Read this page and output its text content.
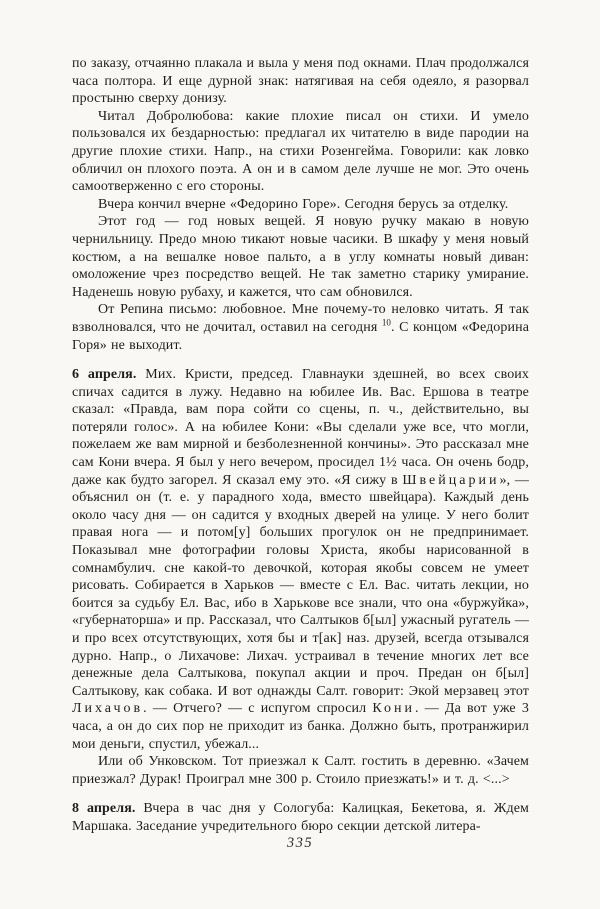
по заказу, отчаянно плакала и выла у меня под окнами. Плач продолжался часа полтора. И еще дурной знак: натягивая на себя одеяло, я разорвал простыню сверху донизу.

Читал Добролюбова: какие плохие писал он стихи. И умело пользовался их бездарностью: предлагал их читателю в виде пародии на другие плохие стихи. Напр., на стихи Розенгейма. Говорили: как ловко обличил он плохого поэта. А он и в самом деле лучше не мог. Это очень самоотверженно с его стороны.

Вчера кончил вчерне «Федорино Горе». Сегодня берусь за отделку.

Этот год — год новых вещей. Я новую ручку макаю в новую чернильницу. Предо мною тикают новые часики. В шкафу у меня новый костюм, а на вешалке новое пальто, а в углу комнаты новый диван: омоложение чрез посредство вещей. Не так заметно старику умирание. Наденешь новую рубаху, и кажется, что сам обновился.

От Репина письмо: любовное. Мне почему-то неловко читать. Я так взволновался, что не дочитал, оставил на сегодня $^{10}$. С концом «Федорина Горя» не выходит.

6 апреля. Мих. Кристи, председ. Главнауки здешней, во всех своих спичах садится в лужу. Недавно на юбилее Ив. Вас. Ершова в театре сказал: «Правда, вам пора сойти со сцены, п. ч., действительно, вы потеряли голос». А на юбилее Кони: «Вы сделали уже все, что могли, пожелаем же вам мирной и безболезненной кончины». Это рассказал мне сам Кони вчера. Я был у него вечером, просидел 1½ часа. Он очень бодр, даже как будто загорел. Я сказал ему это. «Я сижу в Швейцарии», — объяснил он (т. е. у парадного хода, вместо швейцара). Каждый день около часу дня — он садится у входных дверей на улице. У него болит правая нога — и потом[у] больших прогулок он не предпринимает. Показывал мне фотографии головы Христа, якобы нарисованной в сомнамбулич. сне какой-то девочкой, которая якобы совсем не умеет рисовать. Собирается в Харьков — вместе с Ел. Вас. читать лекции, но боится за судьбу Ел. Вас, ибо в Харькове все знали, что она «буржуйка», «губернаторша» и пр. Рассказал, что Салтыков б[ыл] ужасный ругатель — и про всех отсутствующих, хотя бы и т[ак] наз. друзей, всегда отзывался дурно. Напр., о Лихачове: Лихач. устраивал в течение многих лет все денежные дела Салтыкова, покупал акции и проч. Предан он б[ыл] Салтыкову, как собака. И вот однажды Салт. говорит: Экой мерзавец этот Лихачов. — Отчего? — с испугом спросил Кони. — Да вот уже 3 часа, а он до сих пор не приходит из банка. Должно быть, протранжирил мои деньги, спустил, убежал...

Или об Унковском. Тот приезжал к Салт. гостить в деревню. «Зачем приезжал? Дурак! Проиграл мне 300 р. Стоило приезжать!» и т. д. <...>

8 апреля. Вчера в час дня у Сологуба: Калицкая, Бекетова, я. Ждем Маршака. Заседание учредительного бюро секции детской литера-

335
